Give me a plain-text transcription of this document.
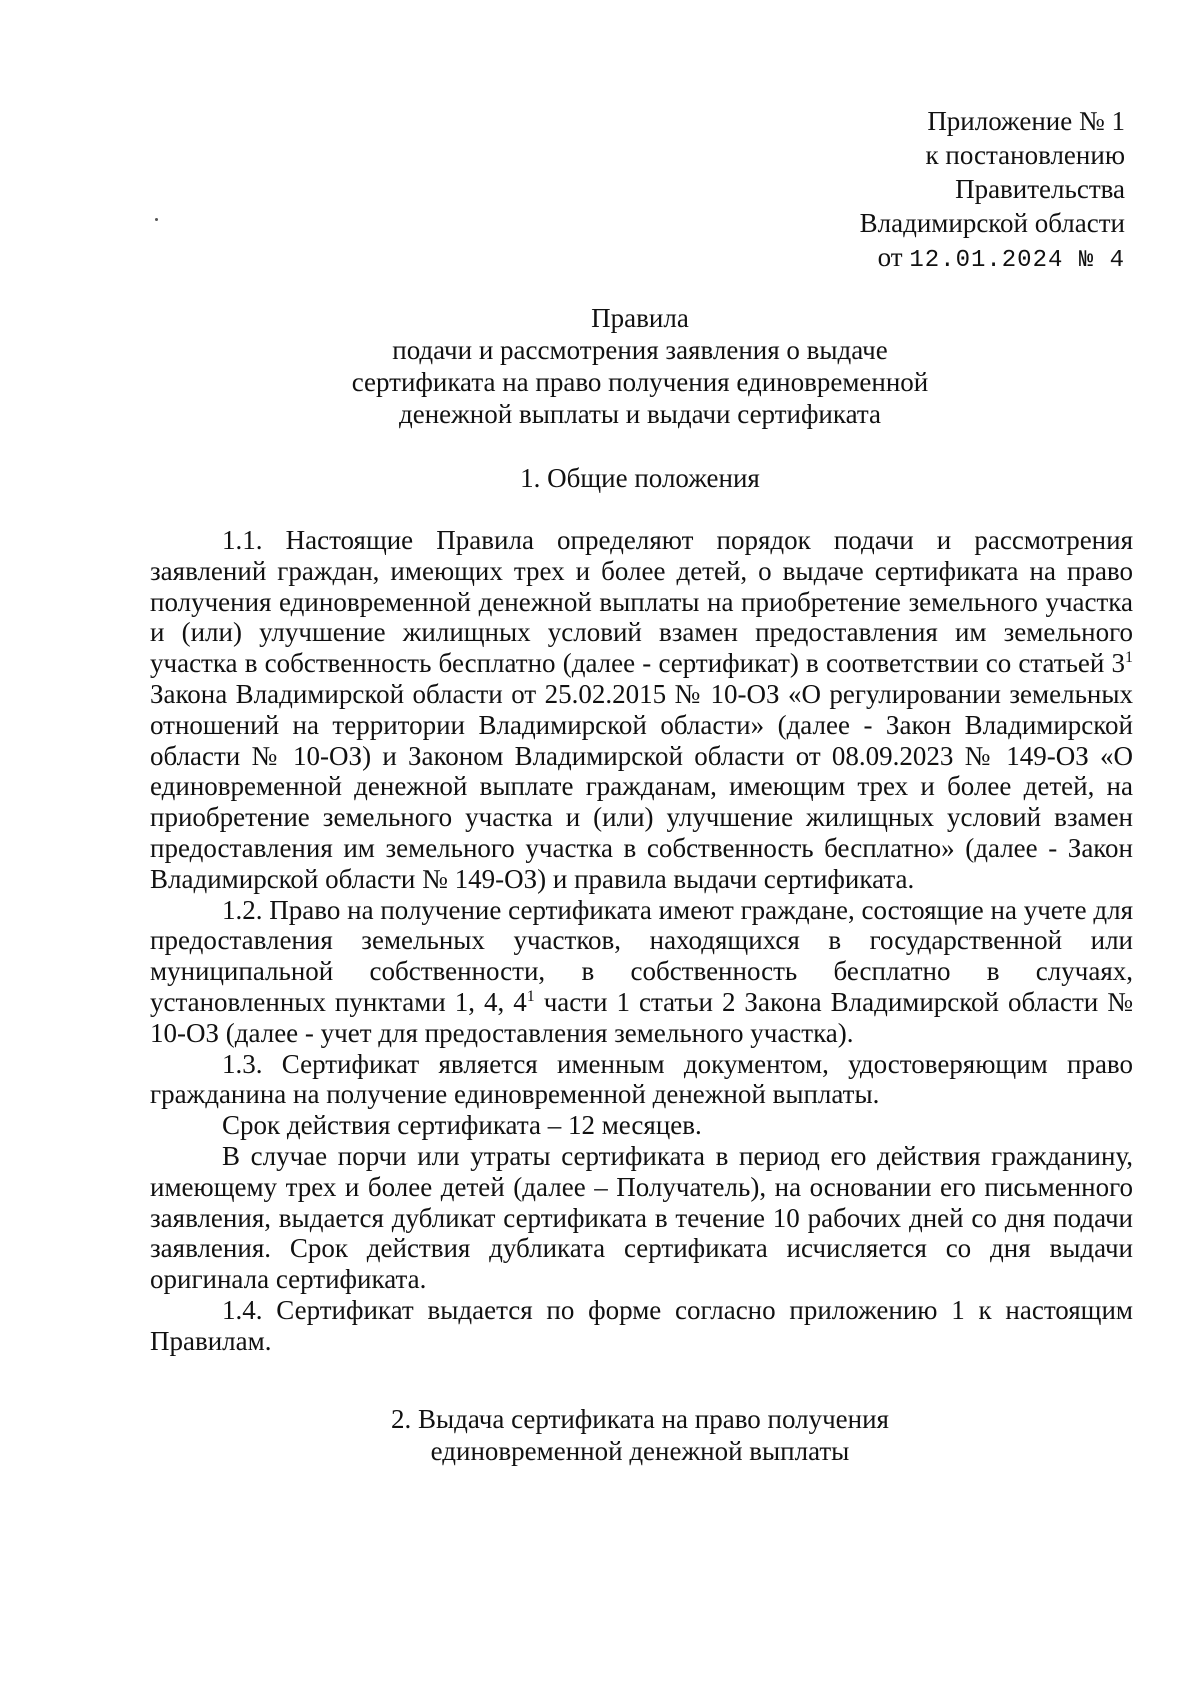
Приложение № 1
к постановлению
Правительства
Владимирской области
от 12.01.2024 № 4
Правила
подачи и рассмотрения заявления о выдаче
сертификата на право получения единовременной
денежной выплаты и выдачи сертификата
1. Общие положения

1.1. Настоящие Правила определяют порядок подачи и рассмотрения заявлений граждан, имеющих трех и более детей, о выдаче сертификата на право получения единовременной денежной выплаты на приобретение земельного участка и (или) улучшение жилищных условий взамен предоставления им земельного участка в собственность бесплатно (далее - сертификат) в соответствии со статьей $3^1$ Закона Владимирской области от 25.02.2015 № 10-ОЗ «О регулировании земельных отношений на территории Владимирской области» (далее - Закон Владимирской области № 10-ОЗ) и Законом Владимирской области от 08.09.2023 № 149-ОЗ «О единовременной денежной выплате гражданам, имеющим трех и более детей, на приобретение земельного участка и (или) улучшение жилищных условий взамен предоставления им земельного участка в собственность бесплатно» (далее - Закон Владимирской области № 149-ОЗ) и правила выдачи сертификата.

1.2. Право на получение сертификата имеют граждане, состоящие на учете для предоставления земельных участков, находящихся в государственной или муниципальной собственности, в собственность бесплатно в случаях, установленных пунктами 1, 4, $4^1$ части 1 статьи 2 Закона Владимирской области № 10-ОЗ (далее - учет для предоставления земельного участка).

1.3. Сертификат является именным документом, удостоверяющим право гражданина на получение единовременной денежной выплаты.

Срок действия сертификата – 12 месяцев.

В случае порчи или утраты сертификата в период его действия гражданину, имеющему трех и более детей (далее – Получатель), на основании его письменного заявления, выдается дубликат сертификата в течение 10 рабочих дней со дня подачи заявления. Срок действия дубликата сертификата исчисляется со дня выдачи оригинала сертификата.

1.4. Сертификат выдается по форме согласно приложению 1 к настоящим Правилам.

2. Выдача сертификата на право получения
единовременной денежной выплаты
